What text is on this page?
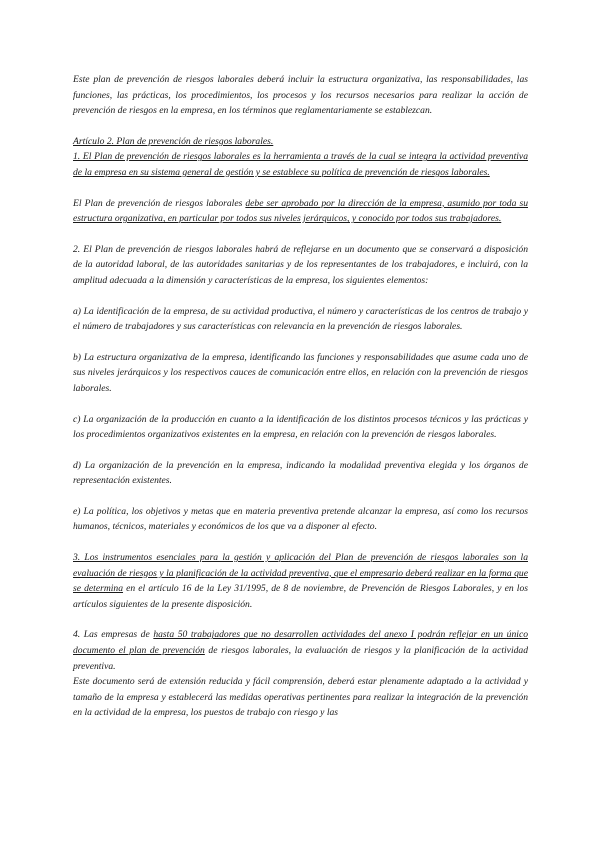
Este plan de prevención de riesgos laborales deberá incluir la estructura organizativa, las responsabilidades, las funciones, las prácticas, los procedimientos, los procesos y los recursos necesarios para realizar la acción de prevención de riesgos en la empresa, en los términos que reglamentariamente se establezcan.

Artículo 2. Plan de prevención de riesgos laborales.

1. El Plan de prevención de riesgos laborales es la herramienta a través de la cual se integra la actividad preventiva de la empresa en su sistema general de gestión y se establece su política de prevención de riesgos laborales.

El Plan de prevención de riesgos laborales debe ser aprobado por la dirección de la empresa, asumido por toda su estructura organizativa, en particular por todos sus niveles jerárquicos, y conocido por todos sus trabajadores.

2. El Plan de prevención de riesgos laborales habrá de reflejarse en un documento que se conservará a disposición de la autoridad laboral, de las autoridades sanitarias y de los representantes de los trabajadores, e incluirá, con la amplitud adecuada a la dimensión y características de la empresa, los siguientes elementos:

a) La identificación de la empresa, de su actividad productiva, el número y características de los centros de trabajo y el número de trabajadores y sus características con relevancia en la prevención de riesgos laborales.

b) La estructura organizativa de la empresa, identificando las funciones y responsabilidades que asume cada uno de sus niveles jerárquicos y los respectivos cauces de comunicación entre ellos, en relación con la prevención de riesgos laborales.

c) La organización de la producción en cuanto a la identificación de los distintos procesos técnicos y las prácticas y los procedimientos organizativos existentes en la empresa, en relación con la prevención de riesgos laborales.

d) La organización de la prevención en la empresa, indicando la modalidad preventiva elegida y los órganos de representación existentes.

e) La política, los objetivos y metas que en materia preventiva pretende alcanzar la empresa, así como los recursos humanos, técnicos, materiales y económicos de los que va a disponer al efecto.

3. Los instrumentos esenciales para la gestión y aplicación del Plan de prevención de riesgos laborales son la evaluación de riesgos y la planificación de la actividad preventiva, que el empresario deberá realizar en la forma que se determina en el artículo 16 de la Ley 31/1995, de 8 de noviembre, de Prevención de Riesgos Laborales, y en los artículos siguientes de la presente disposición.

4. Las empresas de hasta 50 trabajadores que no desarrollen actividades del anexo I podrán reflejar en un único documento el plan de prevención de riesgos laborales, la evaluación de riesgos y la planificación de la actividad preventiva.

Este documento será de extensión reducida y fácil comprensión, deberá estar plenamente adaptado a la actividad y tamaño de la empresa y establecerá las medidas operativas pertinentes para realizar la integración de la prevención en la actividad de la empresa, los puestos de trabajo con riesgo y las
